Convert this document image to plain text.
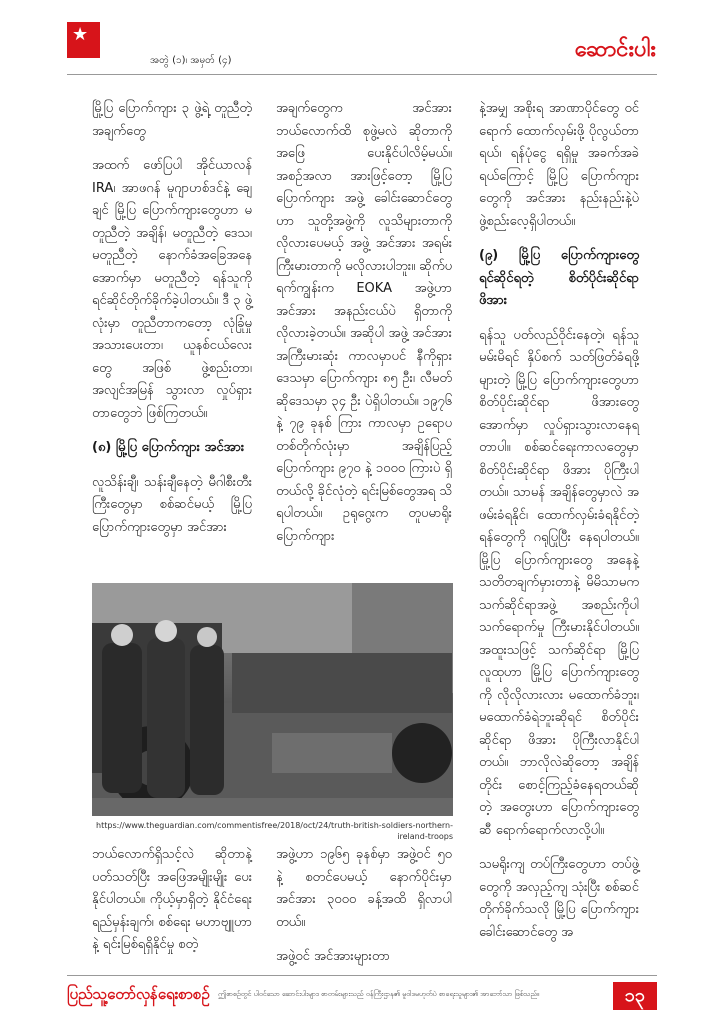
★
အတွဲ (၁)၊ အမှတ် (၄)	ဆောင်းပါး

မြို့ပြ ပြောက်ကျား ၃ ဖွဲ့ရဲ့ တူညီတဲ့ အချက်တွေ

အထက် ဖော်ပြပါ အိုင်ယာလန် IRA၊ အာဖဂန် မူဂျာဟစ်ဒင်နဲ့ ချေချင် မြို့ပြ ပြောက်ကျားတွေဟာ မတူညီတဲ့ အချိန်၊ မတူညီတဲ့ ဒေသ၊ မတူညီတဲ့ နောက်ခံအခြေအနေ အောက်မှာ မတူညီတဲ့ ရန်သူကို ရင်ဆိုင်တိုက်ခိုက်ခဲ့ပါတယ်။ ဒီ ၃ ဖွဲ့လုံးမှာ တူညီတာကတော့ လုံခြုံမှု အသားပေးတာ၊ ယူနစ်ငယ်လေးတွေ အဖြစ် ဖွဲ့စည်းတာ၊ အလျင်အမြန် သွားလာ လှုပ်ရှားတာတွေဘဲ ဖြစ်ကြတယ်။

(၈) မြို့ပြ ပြောက်ကျား အင်အား

လူသိန်းချီ၊ သန်းချီနေတဲ့ မီဂါစီးတီး ကြီးတွေမှာ စစ်ဆင်မယ့် မြို့ပြပြောက်ကျားတွေမှာ အင်အား

အချက်တွေက အင်အား ဘယ်လောက်ထိ စုဖွဲ့မလဲ ဆိုတာကို အဖြေ ပေးနိုင်ပါလိမ့်မယ်။ အစဉ်အလာ အားဖြင့်တော့ မြို့ပြ ပြောက်ကျား အဖွဲ့ ခေါင်းဆောင်တွေဟာ သူတို့အဖွဲ့ကို လူသိများတာကို လိုလားပေမယ့် အဖွဲ့ အင်အား အရမ်းကြီးမားတာကို မလိုလားပါဘူး။ ဆိုက်ပရက်ကျွန်းက EOKA အဖွဲ့ဟာ အင်အား အနည်းငယ်ပဲ ရှိတာကို လိုလားခဲ့တယ်။ အဆိုပါ အဖွဲ့ အင်အား အကြီးမားဆုံး ကာလမှာပင် နီကိုရှားဒေသမှာ ပြောက်ကျား ၈၅ ဦး၊ လီမတ်ဆိုဒေသမှာ ၃၄ ဦး ပဲရှိပါတယ်။ ၁၉၇၆ နဲ့ ၇၉ ခုနစ် ကြား ကာလမှာ ဥရောပ တစ်တိုက်လုံးမှာ အချိန်ပြည့် ပြောက်ကျား ၉၇၀ နဲ့ ၁၀၀၀ ကြားပဲ ရှိတယ်လို့ ခိုင်လုံတဲ့ ရင်းမြစ်တွေအရ သိရပါတယ်။ ဥရုဂွေးက တူပမာရိုး ပြောက်ကျား

နဲ့အမျှ အစိုးရ အာဏာပိုင်တွေ ဝင်ရောက် ထောက်လှမ်းဖို့ ပိုလွယ်တာ ရယ်၊ ရန်ပုံငွေ ရရှိမှု အခက်အခဲရယ်ကြောင့် မြို့ပြ ပြောက်ကျားတွေကို အင်အား နည်းနည်းနဲ့ပဲ ဖွဲ့စည်းလေ့ရှိပါတယ်။

(၉) မြို့ပြ ပြောက်ကျားတွေ ရင်ဆိုင်ရတဲ့ စိတ်ပိုင်းဆိုင်ရာ ဖိအား

ရန်သူ ပတ်လည်ဝိုင်းနေတဲ့၊ ရန်သူမမ်းမိရင် နှိပ်စက် သတ်ဖြတ်ခံရဖို့များတဲ့ မြို့ပြ ပြောက်ကျားတွေဟာ စိတ်ပိုင်းဆိုင်ရာ ဖိအားတွေ အောက်မှာ လှုပ်ရှားသွားလာနေရတာပါ။ စစ်ဆင်ရေးကာလတွေမှာ စိတ်ပိုင်းဆိုင်ရာ ဖိအား ပိုကြီးပါတယ်။ သာမန် အချိန်တွေမှာလဲ အဖမ်းခံရနိုင်၊ ထောက်လှမ်းခံရနိုင်တဲ့ ရန်တွေကို ဂရုပြုပြီး နေရပါတယ်။ မြို့ပြ ပြောက်ကျားတွေ အနေနဲ့ သတိတချက်မှားတာနဲ့ မိမိသာမက သက်ဆိုင်ရာအဖွဲ့ အစည်းကိုပါ သက်ရောက်မှု ကြီးမားနိုင်ပါတယ်။ အထူးသဖြင့် သက်ဆိုင်ရာ မြို့ပြလူထုဟာ မြို့ပြ ပြောက်ကျားတွေကို လိုလိုလားလား မထောက်ခံဘူး၊ မထောက်ခံရဲဘူးဆိုရင် စိတ်ပိုင်းဆိုင်ရာ ဖိအား ပိုကြီးလာနိုင်ပါတယ်။ ဘာလိုလဲဆိုတော့ အချိန်တိုင်း စောင့်ကြည့်ခံနေရတယ်ဆိုတဲ့ အတွေးဟာ ပြောက်ကျားတွေဆီ ရောက်ရောက်လာလို့ပါ။

သမရိုးကျ တပ်ကြီးတွေဟာ တပ်ဖွဲ့တွေကို အလှည့်ကျ သုံးပြီး စစ်ဆင်တိုက်ခိုက်သလို မြို့ပြ ပြောက်ကျား ခေါင်းဆောင်တွေ အ

https://www.theguardian.com/commentisfree/2018/oct/24/truth-british-soldiers-northern-ireland-troops

ဘယ်လောက်ရှိသင့်လဲ ဆိုတာနဲ့ ပတ်သတ်ပြီး အဖြေအမျိုးမျိုး ပေးနိုင်ပါတယ်။ ကိုယ့်မှာရှိတဲ့ နိုင်ငံရေး ရည်မှန်းချက်၊ စစ်ရေး မဟာဗျူဟာနဲ့ ရင်းမြစ်ရရှိနိုင်မှု စတဲ့

အဖွဲ့ဟာ ၁၉၆၅ ခုနစ်မှာ အဖွဲ့ဝင် ၅၀ နဲ့ စတင်ပေမယ့် နောက်ပိုင်းမှာ အင်အား ၃၀၀၀ ခန့်အထိ ရှိလာပါတယ်။

အဖွဲ့ဝင် အင်အားများတာ

ပြည်သူ့တော်လှန်ရေးစာစဉ် ဤစာစဉ်တွင် ပါဝင်သော ဆောင်းပါးများ၊ စာတမ်းများသည် ဝန်ကြီးဌာန၏ မူဝါဒမဟုတ်ပဲ စာရေးသူများ၏ အာဘော်သာ ဖြစ်သည်။	၁၃
